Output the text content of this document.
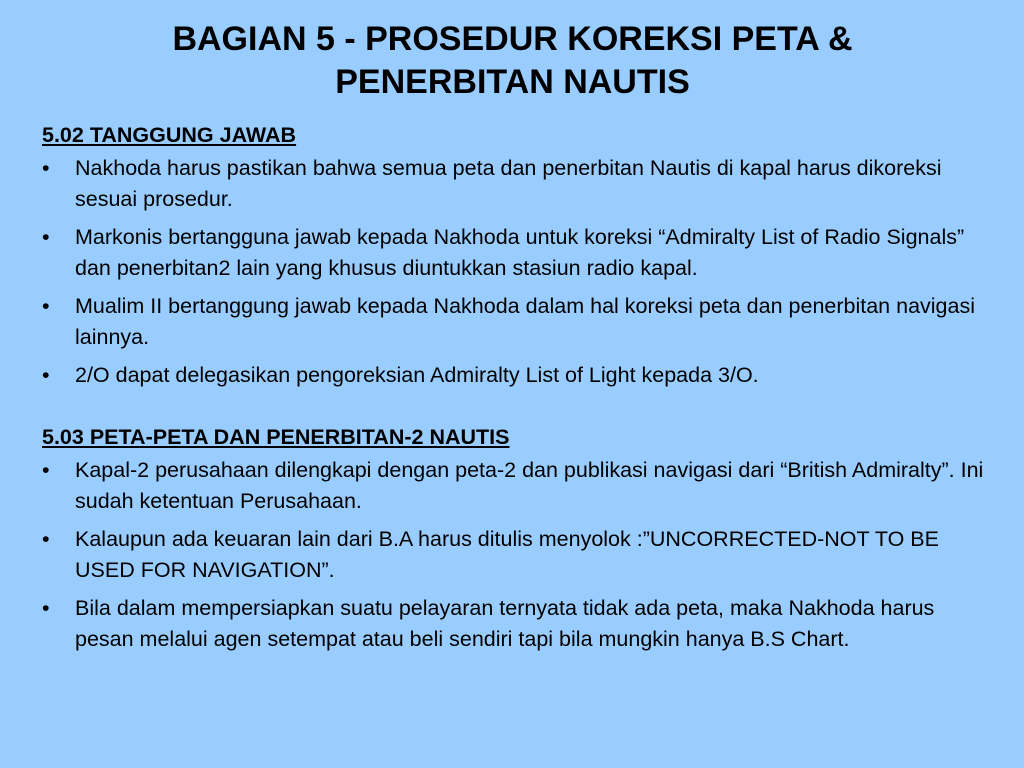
BAGIAN 5 - PROSEDUR KOREKSI PETA &
PENERBITAN NAUTIS
5.02 TANGGUNG JAWAB
• Nakhoda harus pastikan bahwa semua peta dan penerbitan Nautis di kapal harus dikoreksi sesuai prosedur.
• Markonis bertangguna jawab kepada Nakhoda untuk koreksi “Admiralty List of Radio Signals” dan penerbitan2 lain yang khusus diuntukkan stasiun radio kapal.
• Mualim II bertanggung jawab kepada Nakhoda dalam hal koreksi peta dan penerbitan navigasi lainnya.
• 2/O dapat delegasikan pengoreksian Admiralty List of Light kepada 3/O.
5.03 PETA-PETA DAN PENERBITAN-2 NAUTIS
• Kapal-2 perusahaan dilengkapi dengan peta-2 dan publikasi navigasi dari “British Admiralty”. Ini sudah ketentuan Perusahaan.
• Kalaupun ada keuaran lain dari B.A harus ditulis menyolok :”UNCORRECTED-NOT TO BE USED FOR NAVIGATION”.
• Bila dalam mempersiapkan suatu pelayaran ternyata tidak ada peta, maka Nakhoda harus pesan melalui agen setempat atau beli sendiri tapi bila mungkin hanya B.S Chart.
